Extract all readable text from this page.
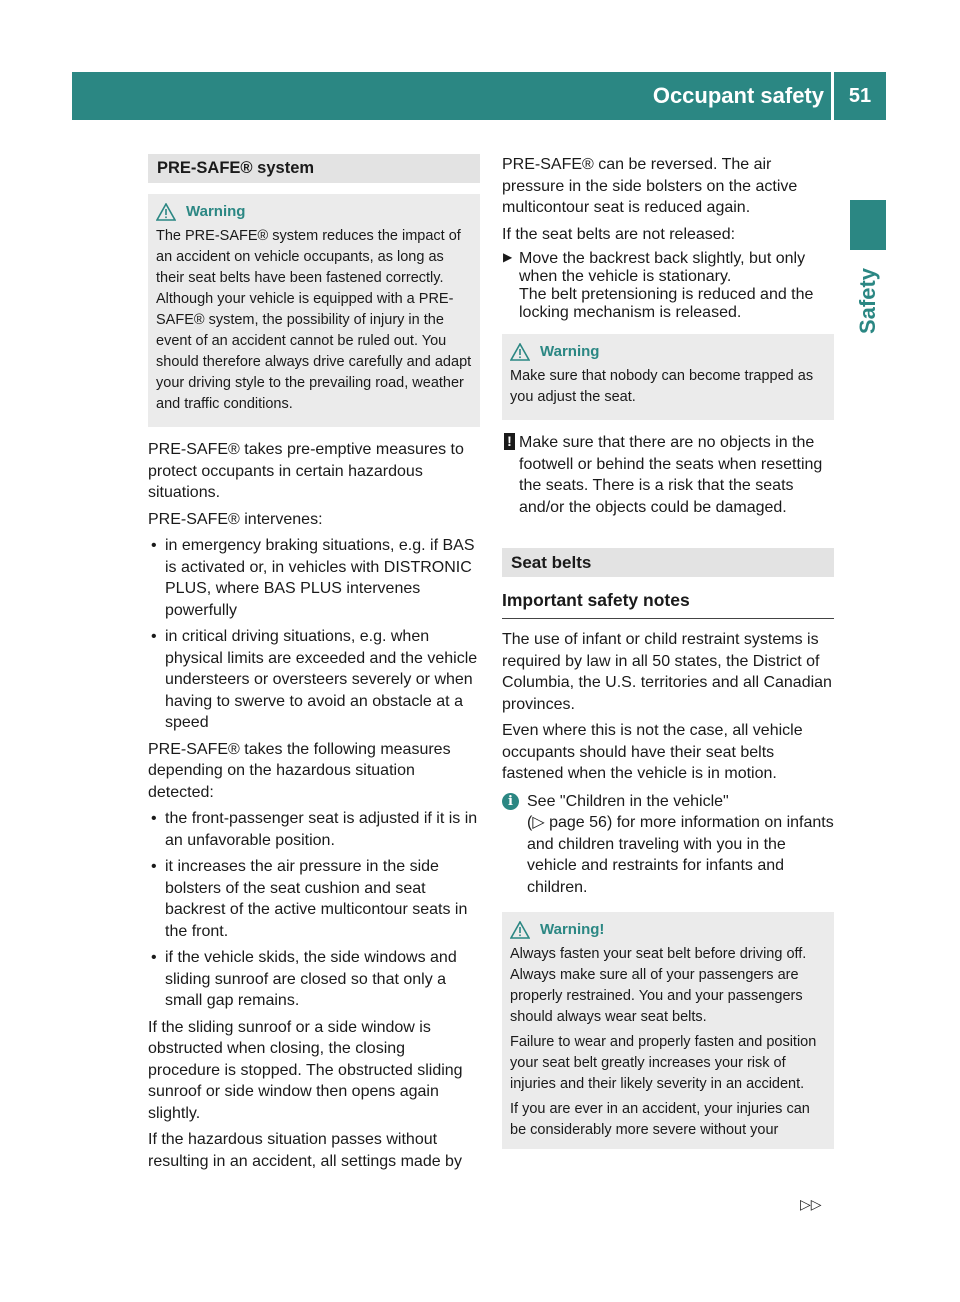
Occupant safety	51
Safety
PRE-SAFE® system
Warning

The PRE-SAFE® system reduces the impact of an accident on vehicle occupants, as long as their seat belts have been fastened correctly. Although your vehicle is equipped with a PRE-SAFE® system, the possibility of injury in the event of an accident cannot be ruled out. You should therefore always drive carefully and adapt your driving style to the prevailing road, weather and traffic conditions.

PRE-SAFE® takes pre-emptive measures to protect occupants in certain hazardous situations.

PRE-SAFE® intervenes:

• in emergency braking situations, e.g. if BAS is activated or, in vehicles with DISTRONIC PLUS, where BAS PLUS intervenes powerfully
• in critical driving situations, e.g. when physical limits are exceeded and the vehicle understeers or oversteers severely or when having to swerve to avoid an obstacle at a speed

PRE-SAFE® takes the following measures depending on the hazardous situation detected:

• the front-passenger seat is adjusted if it is in an unfavorable position.
• it increases the air pressure in the side bolsters of the seat cushion and seat backrest of the active multicontour seats in the front.
• if the vehicle skids, the side windows and sliding sunroof are closed so that only a small gap remains.

If the sliding sunroof or a side window is obstructed when closing, the closing procedure is stopped. The obstructed sliding sunroof or side window then opens again slightly.

If the hazardous situation passes without resulting in an accident, all settings made by

PRE-SAFE® can be reversed. The air pressure in the side bolsters on the active multicontour seat is reduced again.

If the seat belts are not released:

▶ Move the backrest back slightly, but only when the vehicle is stationary.
The belt pretensioning is reduced and the locking mechanism is released.
Warning

Make sure that nobody can become trapped as you adjust the seat.

! Make sure that there are no objects in the footwell or behind the seats when resetting the seats. There is a risk that the seats and/or the objects could be damaged.

Seat belts
Important safety notes

The use of infant or child restraint systems is required by law in all 50 states, the District of Columbia, the U.S. territories and all Canadian provinces.

Even where this is not the case, all vehicle occupants should have their seat belts fastened when the vehicle is in motion.

i See "Children in the vehicle"
(▷ page 56) for more information on infants and children traveling with you in the vehicle and restraints for infants and children.

Warning!

Always fasten your seat belt before driving off. Always make sure all of your passengers are properly restrained. You and your passengers should always wear seat belts.

Failure to wear and properly fasten and position your seat belt greatly increases your risk of injuries and their likely severity in an accident.

If you are ever in an accident, your injuries can be considerably more severe without your

▷▷
